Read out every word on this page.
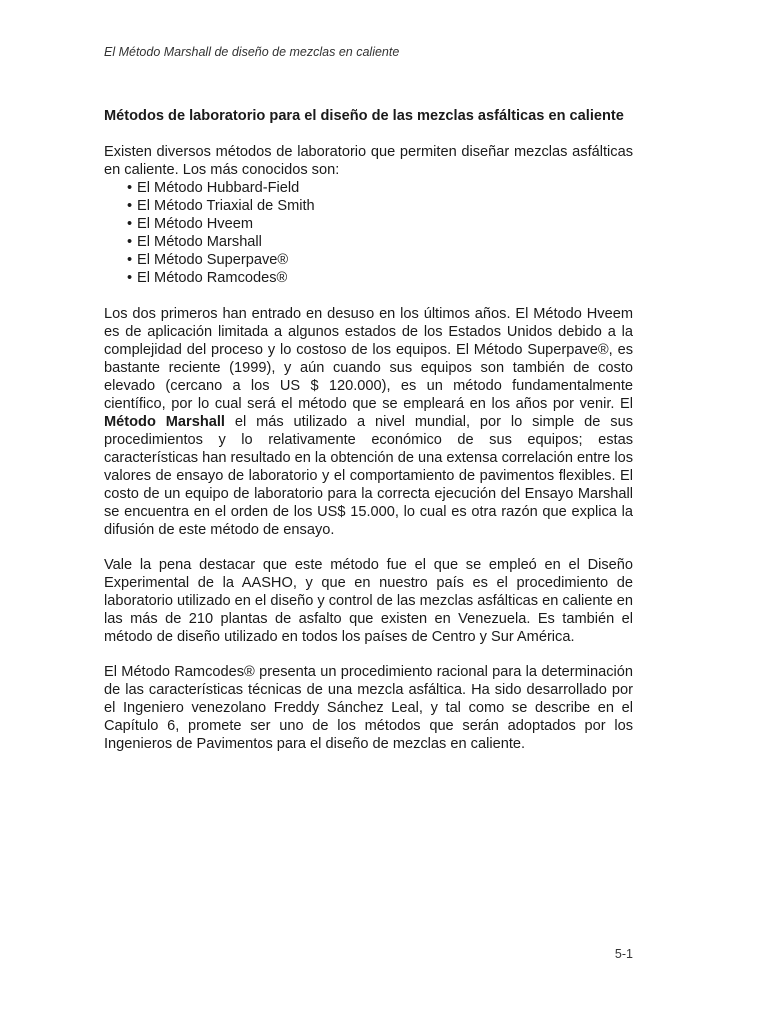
El Método Marshall de diseño de mezclas en caliente
Métodos de laboratorio para el diseño de las mezclas asfálticas en caliente

Existen diversos métodos de laboratorio que permiten diseñar mezclas asfálticas en caliente. Los más conocidos son:

• El Método Hubbard-Field
• El Método Triaxial de Smith
• El Método Hveem
• El Método Marshall
• El Método Superpave®
• El Método Ramcodes®

Los dos primeros han entrado en desuso en los últimos años. El Método Hveem es de aplicación limitada a algunos estados de los Estados Unidos debido a la complejidad del proceso y lo costoso de los equipos. El Método Superpave®, es bastante reciente (1999), y aún cuando sus equipos son también de costo elevado (cercano a los US $ 120.000), es un método fundamentalmente científico, por lo cual será el método que se empleará en los años por venir. El Método Marshall el más utilizado a nivel mundial, por lo simple de sus procedimientos y lo relativamente económico de sus equipos; estas características han resultado en la obtención de una extensa correlación entre los valores de ensayo de laboratorio y el comportamiento de pavimentos flexibles. El costo de un equipo de laboratorio para la correcta ejecución del Ensayo Marshall se encuentra en el orden de los US$ 15.000, lo cual es otra razón que explica la difusión de este método de ensayo.

Vale la pena destacar que este método fue el que se empleó en el Diseño Experimental de la AASHO, y que en nuestro país es el procedimiento de laboratorio utilizado en el diseño y control de las mezclas asfálticas en caliente en las más de 210 plantas de asfalto que existen en Venezuela. Es también el método de diseño utilizado en todos los países de Centro y Sur América.

El Método Ramcodes® presenta un procedimiento racional para la determinación de las características técnicas de una mezcla asfáltica. Ha sido desarrollado por el Ingeniero venezolano Freddy Sánchez Leal, y tal como se describe en el Capítulo 6, promete ser uno de los métodos que serán adoptados por los Ingenieros de Pavimentos para el diseño de mezclas en caliente.

5-1
